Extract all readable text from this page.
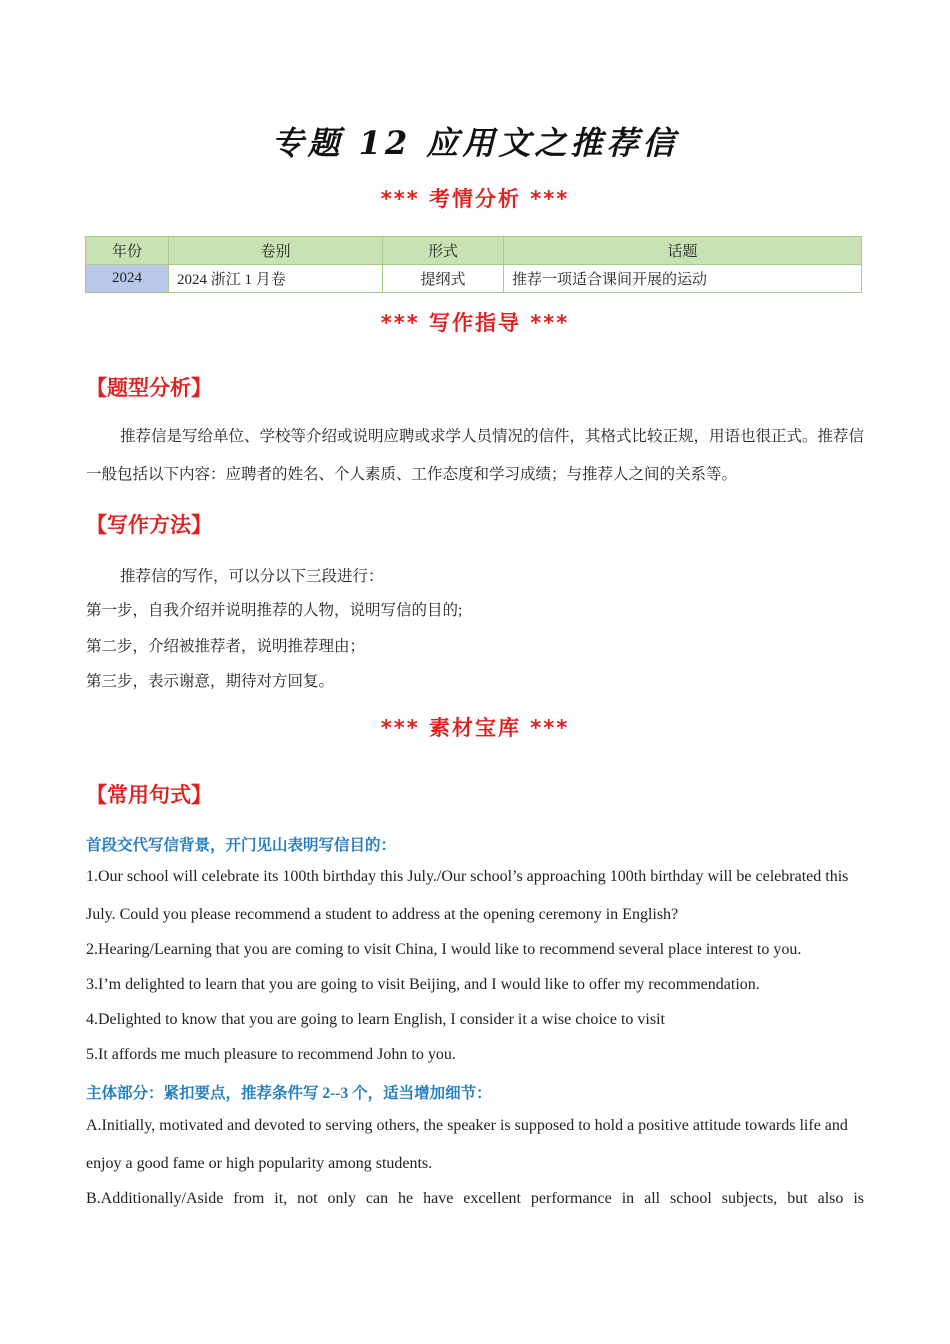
专题 12 应用文之推荐信
*** 考情分析 ***
年份	卷别	形式	话题
2024	2024 浙江 1 月卷	提纲式	推荐一项适合课间开展的运动
*** 写作指导 ***
【题型分析】
推荐信是写给单位、学校等介绍或说明应聘或求学人员情况的信件，其格式比较正规，用语也很正式。推荐信一般包括以下内容：应聘者的姓名、个人素质、工作态度和学习成绩；与推荐人之间的关系等。
【写作方法】
推荐信的写作，可以分以下三段进行：
第一步，自我介绍并说明推荐的人物，说明写信的目的;
第二步，介绍被推荐者，说明推荐理由；
第三步，表示谢意，期待对方回复。
*** 素材宝库 ***
【常用句式】
首段交代写信背景，开门见山表明写信目的：
1.Our school will celebrate its 100th birthday this July./Our school’s approaching 100th birthday will be celebrated this July. Could you please recommend a student to address at the opening ceremony in English?
2.Hearing/Learning that you are coming to visit China, I would like to recommend several place interest to you.
3.I’m delighted to learn that you are going to visit Beijing, and I would like to offer my recommendation.
4.Delighted to know that you are going to learn English, I consider it a wise choice to visit
5.It affords me much pleasure to recommend John to you.
主体部分：紧扣要点，推荐条件写 2--3 个，适当增加细节：
A.Initially, motivated and devoted to serving others, the speaker is supposed to hold a positive attitude towards life and enjoy a good fame or high popularity among students.
B.Additionally/Aside from it, not only can he have excellent performance in all school subjects, but also is
